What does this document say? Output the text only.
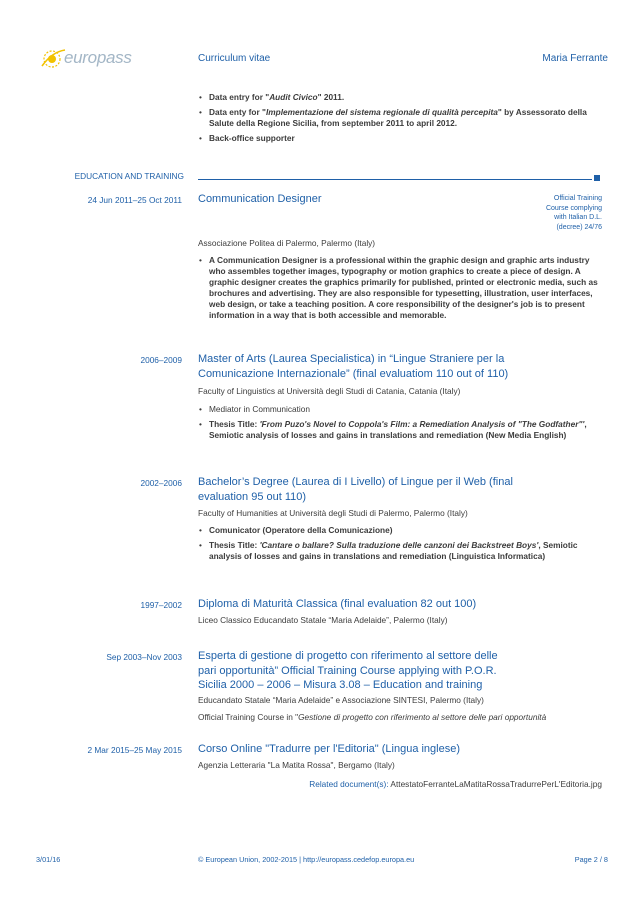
europass	Curriculum vitae	Maria Ferrante
• Data entry for "Audit Civico" 2011.
• Data enty for "Implementazione del sistema regionale di qualità percepita" by Assessorato della Salute della Regione Sicilia, from september 2011 to april 2012.
• Back-office supporter
EDUCATION AND TRAINING
24 Jun 2011–25 Oct 2011 Communication Designer	Official Training Course complying with Italian D.L. (decree) 24/76
Associazione Politea di Palermo, Palermo (Italy)
• A Communication Designer is a professional within the graphic design and graphic arts industry who assembles together images, typography or motion graphics to create a piece of design. A graphic designer creates the graphics primarily for published, printed or electronic media, such as brochures and advertising. They are also responsible for typesetting, illustration, user interfaces, web design, or take a teaching position. A core responsibility of the designer's job is to present information in a way that is both accessible and memorable.
2006–2009 Master of Arts (Laurea Specialistica) in “Lingue Straniere per la Comunicazione Internazionale” (final evaluatiom 110 out of 110)
Faculty of Linguistics at Università degli Studi di Catania, Catania (Italy)
• Mediator in Communication
• Thesis Title: 'From Puzo's Novel to Coppola's Film: a Remediation Analysis of "The Godfather"', Semiotic analysis of losses and gains in translations and remediation (New Media English)
2002–2006 Bachelor’s Degree (Laurea di I Livello) of Lingue per il Web (final evaluation 95 out 110)
Faculty of Humanities at Università degli Studi di Palermo, Palermo (Italy)
• Comunicator (Operatore della Comunicazione)
• Thesis Title: 'Cantare o ballare? Sulla traduzione delle canzoni dei Backstreet Boys', Semiotic analysis of losses and gains in translations and remediation (Linguistica Informatica)
1997–2002 Diploma di Maturità Classica (final evaluation 82 out 100)
Liceo Classico Educandato Statale “Maria Adelaide”, Palermo (Italy)
Sep 2003–Nov 2003 Esperta di gestione di progetto con riferimento al settore delle pari opportunità” Official Training Course applying with P.O.R. Sicilia 2000 – 2006 – Misura 3.08 – Education and training
Educandato Statale “Maria Adelaide” e Associazione SINTESI, Palermo (Italy)
Official Training Course in "Gestione di progetto con riferimento al settore delle pari opportunità
2 Mar 2015–25 May 2015 Corso Online "Tradurre per l'Editoria" (Lingua inglese)
Agenzia Letteraria "La Matita Rossa", Bergamo (Italy)
Related document(s): AttestatoFerranteLaMatitaRossaTradurrePerL'Editoria.jpg
3/01/16	© European Union, 2002-2015 | http://europass.cedefop.europa.eu	Page 2 / 8
